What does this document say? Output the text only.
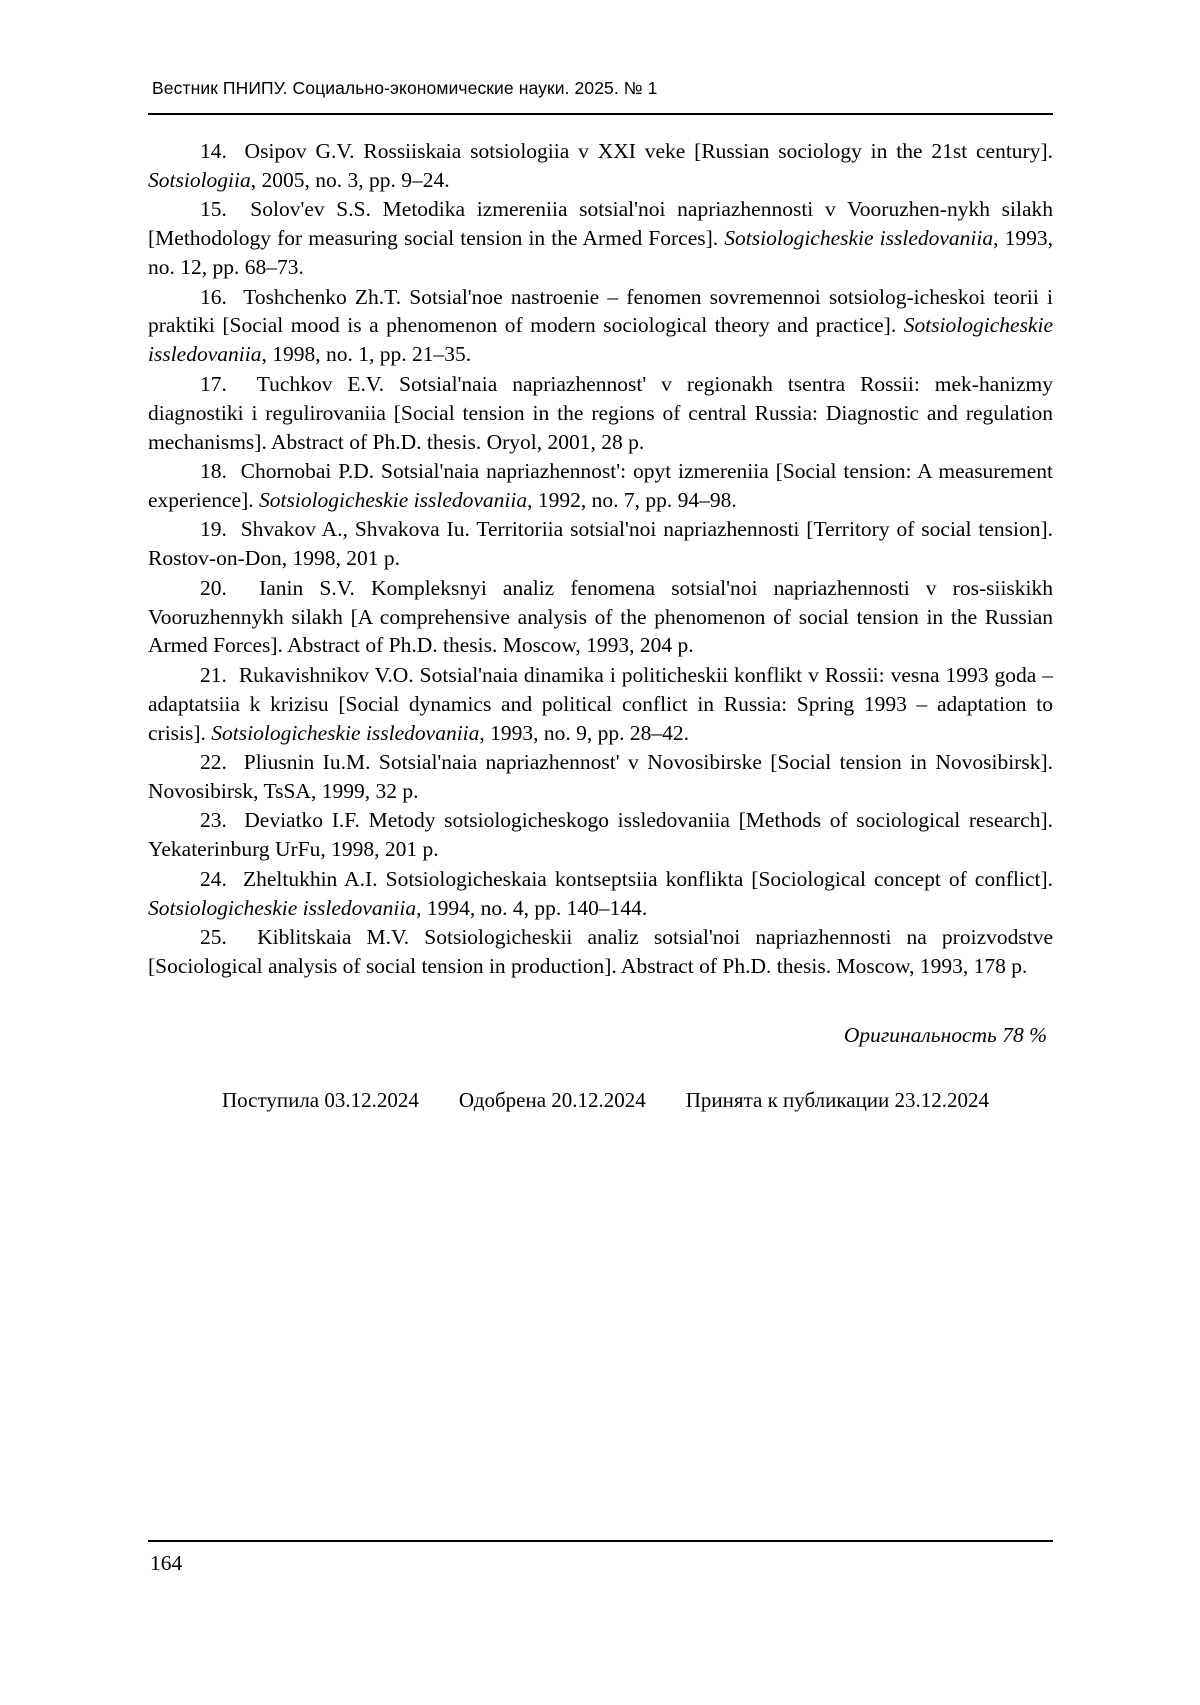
Вестник ПНИПУ. Социально-экономические науки. 2025. № 1

14. Osipov G.V. Rossiiskaia sotsiologiia v XXI veke [Russian sociology in the 21st century]. Sotsiologiia, 2005, no. 3, pp. 9–24.

15. Solov'ev S.S. Metodika izmereniia sotsial'noi napriazhennosti v Vooruzhen-nykh silakh [Methodology for measuring social tension in the Armed Forces]. Sotsiologicheskie issledovaniia, 1993, no. 12, pp. 68–73.

16. Toshchenko Zh.T. Sotsial'noe nastroenie – fenomen sovremennoi sotsiolog-icheskoi teorii i praktiki [Social mood is a phenomenon of modern sociological theory and practice]. Sotsiologicheskie issledovaniia, 1998, no. 1, pp. 21–35.

17. Tuchkov E.V. Sotsial'naia napriazhennost' v regionakh tsentra Rossii: mek-hanizmy diagnostiki i regulirovaniia [Social tension in the regions of central Russia: Diagnostic and regulation mechanisms]. Abstract of Ph.D. thesis. Oryol, 2001, 28 p.

18. Chornobai P.D. Sotsial'naia napriazhennost': opyt izmereniia [Social tension: A measurement experience]. Sotsiologicheskie issledovaniia, 1992, no. 7, pp. 94–98.

19. Shvakov A., Shvakova Iu. Territoriia sotsial'noi napriazhennosti [Territory of social tension]. Rostov-on-Don, 1998, 201 p.

20. Ianin S.V. Kompleksnyi analiz fenomena sotsial'noi napriazhennosti v ros-siiskikh Vooruzhennykh silakh [A comprehensive analysis of the phenomenon of social tension in the Russian Armed Forces]. Abstract of Ph.D. thesis. Moscow, 1993, 204 p.

21. Rukavishnikov V.O. Sotsial'naia dinamika i politicheskii konflikt v Rossii: vesna 1993 goda – adaptatsiia k krizisu [Social dynamics and political conflict in Russia: Spring 1993 – adaptation to crisis]. Sotsiologicheskie issledovaniia, 1993, no. 9, pp. 28–42.

22. Pliusnin Iu.M. Sotsial'naia napriazhennost' v Novosibirske [Social tension in Novosibirsk]. Novosibirsk, TsSA, 1999, 32 p.

23. Deviatko I.F. Metody sotsiologicheskogo issledovaniia [Methods of sociological research]. Yekaterinburg UrFu, 1998, 201 p.

24. Zheltukhin A.I. Sotsiologicheskaia kontseptsiia konflikta [Sociological concept of conflict]. Sotsiologicheskie issledovaniia, 1994, no. 4, pp. 140–144.

25. Kiblitskaia M.V. Sotsiologicheskii analiz sotsial'noi napriazhennosti na proizvodstve [Sociological analysis of social tension in production]. Abstract of Ph.D. thesis. Moscow, 1993, 178 p.

Оригинальность 78 %
Поступила 03.12.2024 Одобрена 20.12.2024 Принята к публикации 23.12.2024
164
